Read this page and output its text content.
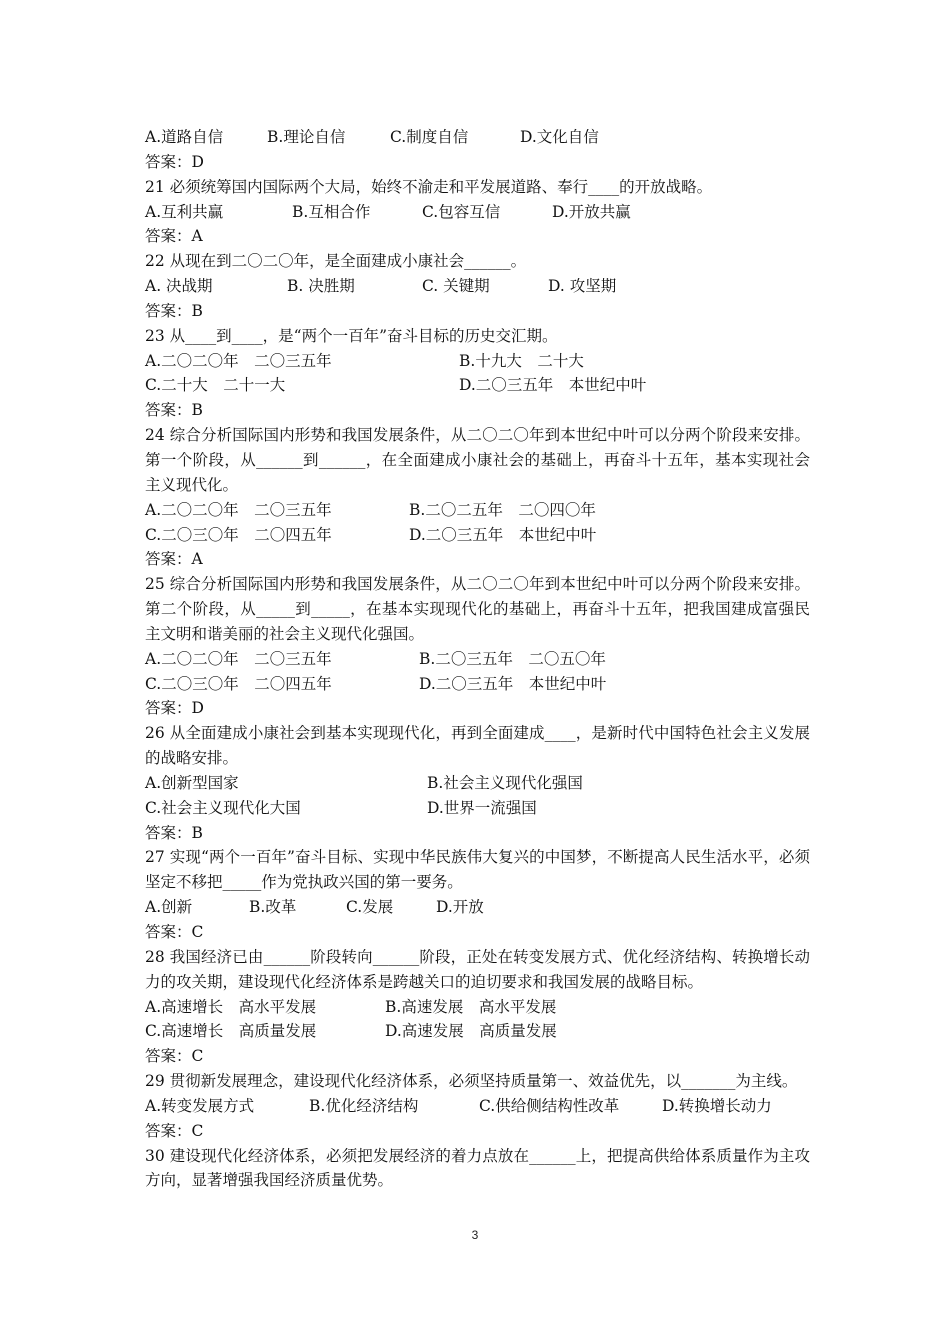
A.道路自信	B.理论自信	C.制度自信	D.文化自信
答案：D
21 必须统筹国内国际两个大局，始终不渝走和平发展道路、奉行____的开放战略。
A.互利共赢	B.互相合作	C.包容互信	D.开放共赢
答案：A
22 从现在到二〇二〇年，是全面建成小康社会______。
A. 决战期	B. 决胜期	C. 关键期	D. 攻坚期
答案：B
23 从____到____，是“两个一百年”奋斗目标的历史交汇期。
A.二〇二〇年　二〇三五年	B.十九大　二十大
C.二十大　二十一大	D.二〇三五年　本世纪中叶
答案：B
24 综合分析国际国内形势和我国发展条件，从二〇二〇年到本世纪中叶可以分两个阶段来安排。第一个阶段，从______到______，在全面建成小康社会的基础上，再奋斗十五年，基本实现社会主义现代化。
A.二〇二〇年　二〇三五年	B.二〇二五年　二〇四〇年
C.二〇三〇年　二〇四五年	D.二〇三五年　本世纪中叶
答案：A
25 综合分析国际国内形势和我国发展条件，从二〇二〇年到本世纪中叶可以分两个阶段来安排。第二个阶段，从_____到_____，在基本实现现代化的基础上，再奋斗十五年，把我国建成富强民主文明和谐美丽的社会主义现代化强国。
A.二〇二〇年　二〇三五年	B.二〇三五年　二〇五〇年
C.二〇三〇年　二〇四五年	D.二〇三五年　本世纪中叶
答案：D
26 从全面建成小康社会到基本实现现代化，再到全面建成____，是新时代中国特色社会主义发展的战略安排。
A.创新型国家	B.社会主义现代化强国
C.社会主义现代化大国	D.世界一流强国
答案：B
27 实现“两个一百年”奋斗目标、实现中华民族伟大复兴的中国梦，不断提高人民生活水平，必须坚定不移把_____作为党执政兴国的第一要务。
A.创新	B.改革	C.发展	D.开放
答案：C
28 我国经济已由______阶段转向______阶段，正处在转变发展方式、优化经济结构、转换增长动力的攻关期，建设现代化经济体系是跨越关口的迫切要求和我国发展的战略目标。
A.高速增长　高水平发展	B.高速发展　高水平发展
C.高速增长　高质量发展	D.高速发展　高质量发展
答案：C
29 贯彻新发展理念，建设现代化经济体系，必须坚持质量第一、效益优先，以_______为主线。
A.转变发展方式	B.优化经济结构	C.供给侧结构性改革	D.转换增长动力
答案：C
30 建设现代化经济体系，必须把发展经济的着力点放在______上，把提高供给体系质量作为主攻方向，显著增强我国经济质量优势。
3
